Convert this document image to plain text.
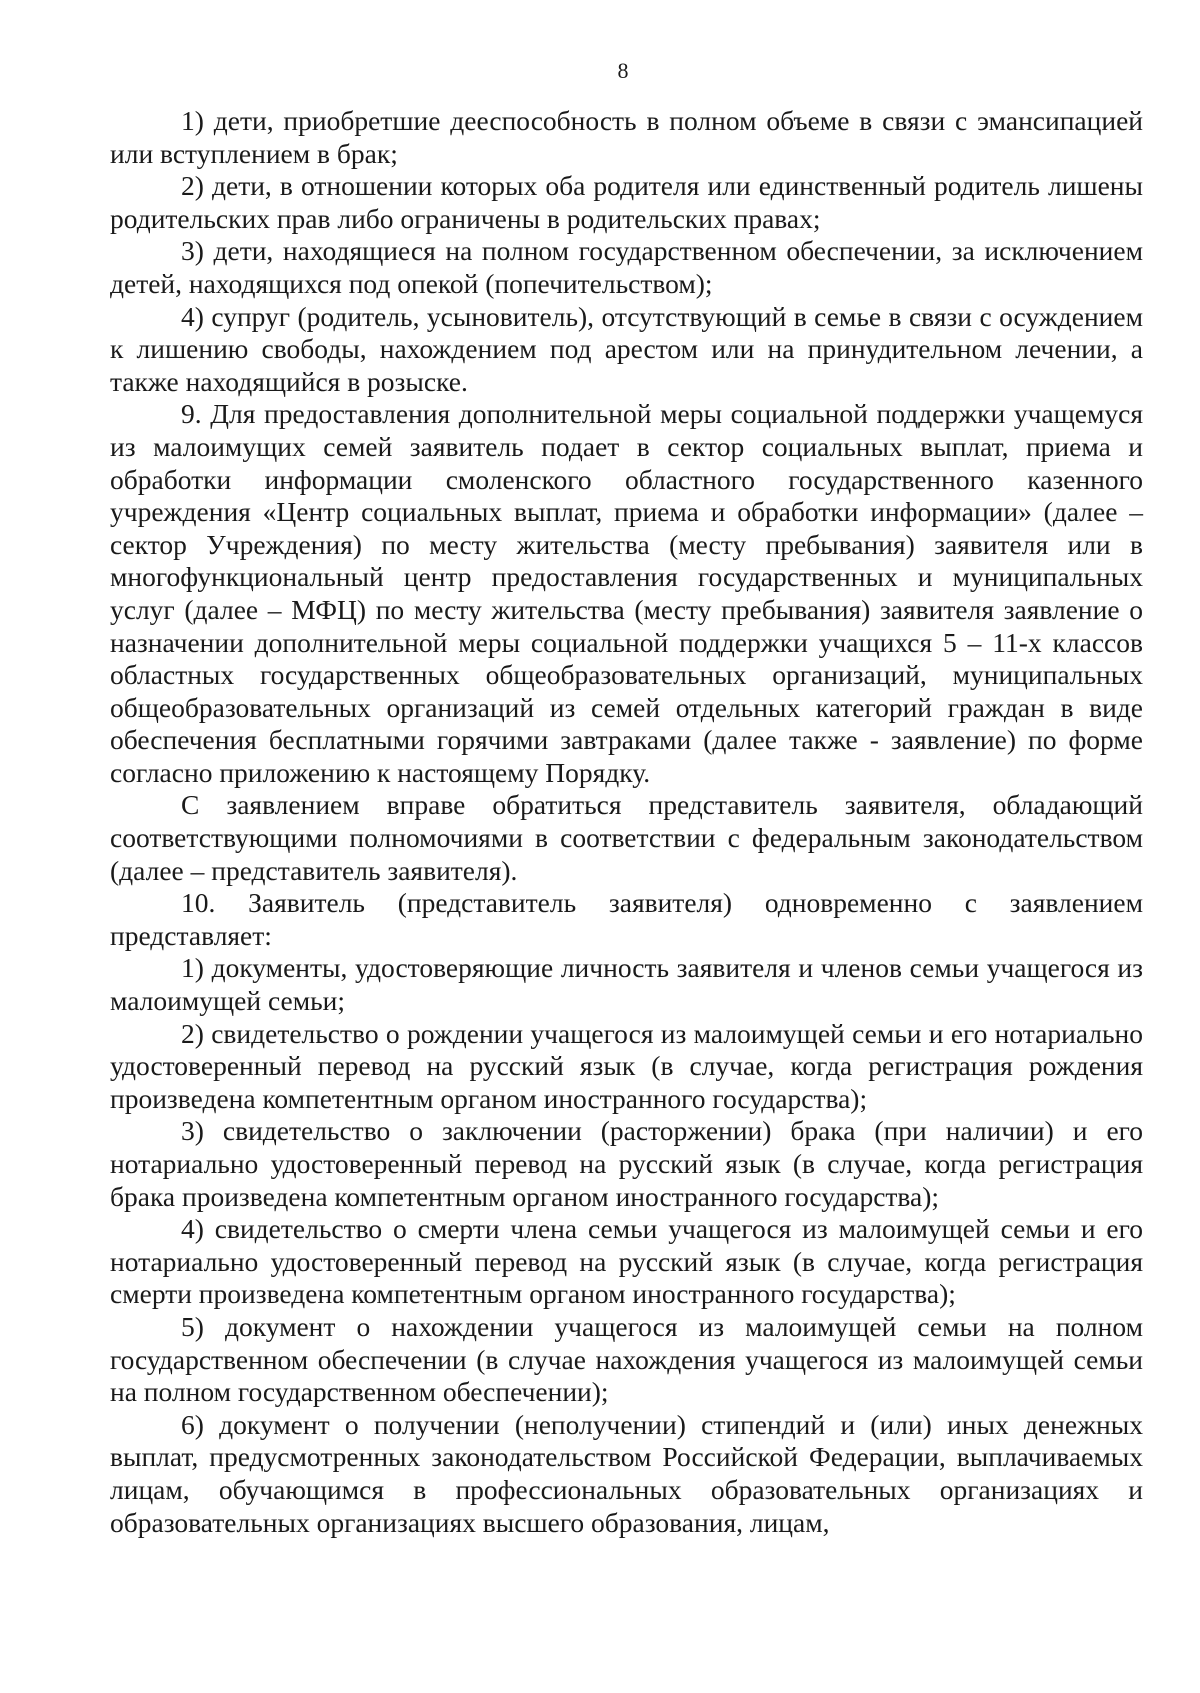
8

1) дети, приобретшие дееспособность в полном объеме в связи с эмансипацией или вступлением в брак;

2) дети, в отношении которых оба родителя или единственный родитель лишены родительских прав либо ограничены в родительских правах;

3) дети, находящиеся на полном государственном обеспечении, за исключением детей, находящихся под опекой (попечительством);

4) супруг (родитель, усыновитель), отсутствующий в семье в связи с осуждением к лишению свободы, нахождением под арестом или на принудительном лечении, а также находящийся в розыске.

9. Для предоставления дополнительной меры социальной поддержки учащемуся из малоимущих семей заявитель подает в сектор социальных выплат, приема и обработки информации смоленского областного государственного казенного учреждения «Центр социальных выплат, приема и обработки информации» (далее – сектор Учреждения) по месту жительства (месту пребывания) заявителя или в многофункциональный центр предоставления государственных и муниципальных услуг (далее – МФЦ) по месту жительства (месту пребывания) заявителя заявление о назначении дополнительной меры социальной поддержки учащихся 5 – 11-х классов областных государственных общеобразовательных организаций, муниципальных общеобразовательных организаций из семей отдельных категорий граждан в виде обеспечения бесплатными горячими завтраками (далее также - заявление) по форме согласно приложению к настоящему Порядку.

С заявлением вправе обратиться представитель заявителя, обладающий соответствующими полномочиями в соответствии с федеральным законодательством (далее – представитель заявителя).

10. Заявитель (представитель заявителя) одновременно с заявлением представляет:

1) документы, удостоверяющие личность заявителя и членов семьи учащегося из малоимущей семьи;

2) свидетельство о рождении учащегося из малоимущей семьи и его нотариально удостоверенный перевод на русский язык (в случае, когда регистрация рождения произведена компетентным органом иностранного государства);

3) свидетельство о заключении (расторжении) брака (при наличии) и его нотариально удостоверенный перевод на русский язык (в случае, когда регистрация брака произведена компетентным органом иностранного государства);

4) свидетельство о смерти члена семьи учащегося из малоимущей семьи и его нотариально удостоверенный перевод на русский язык (в случае, когда регистрация смерти произведена компетентным органом иностранного государства);

5) документ о нахождении учащегося из малоимущей семьи на полном государственном обеспечении (в случае нахождения учащегося из малоимущей семьи на полном государственном обеспечении);

6) документ о получении (неполучении) стипендий и (или) иных денежных выплат, предусмотренных законодательством Российской Федерации, выплачиваемых лицам, обучающимся в профессиональных образовательных организациях и образовательных организациях высшего образования, лицам,
